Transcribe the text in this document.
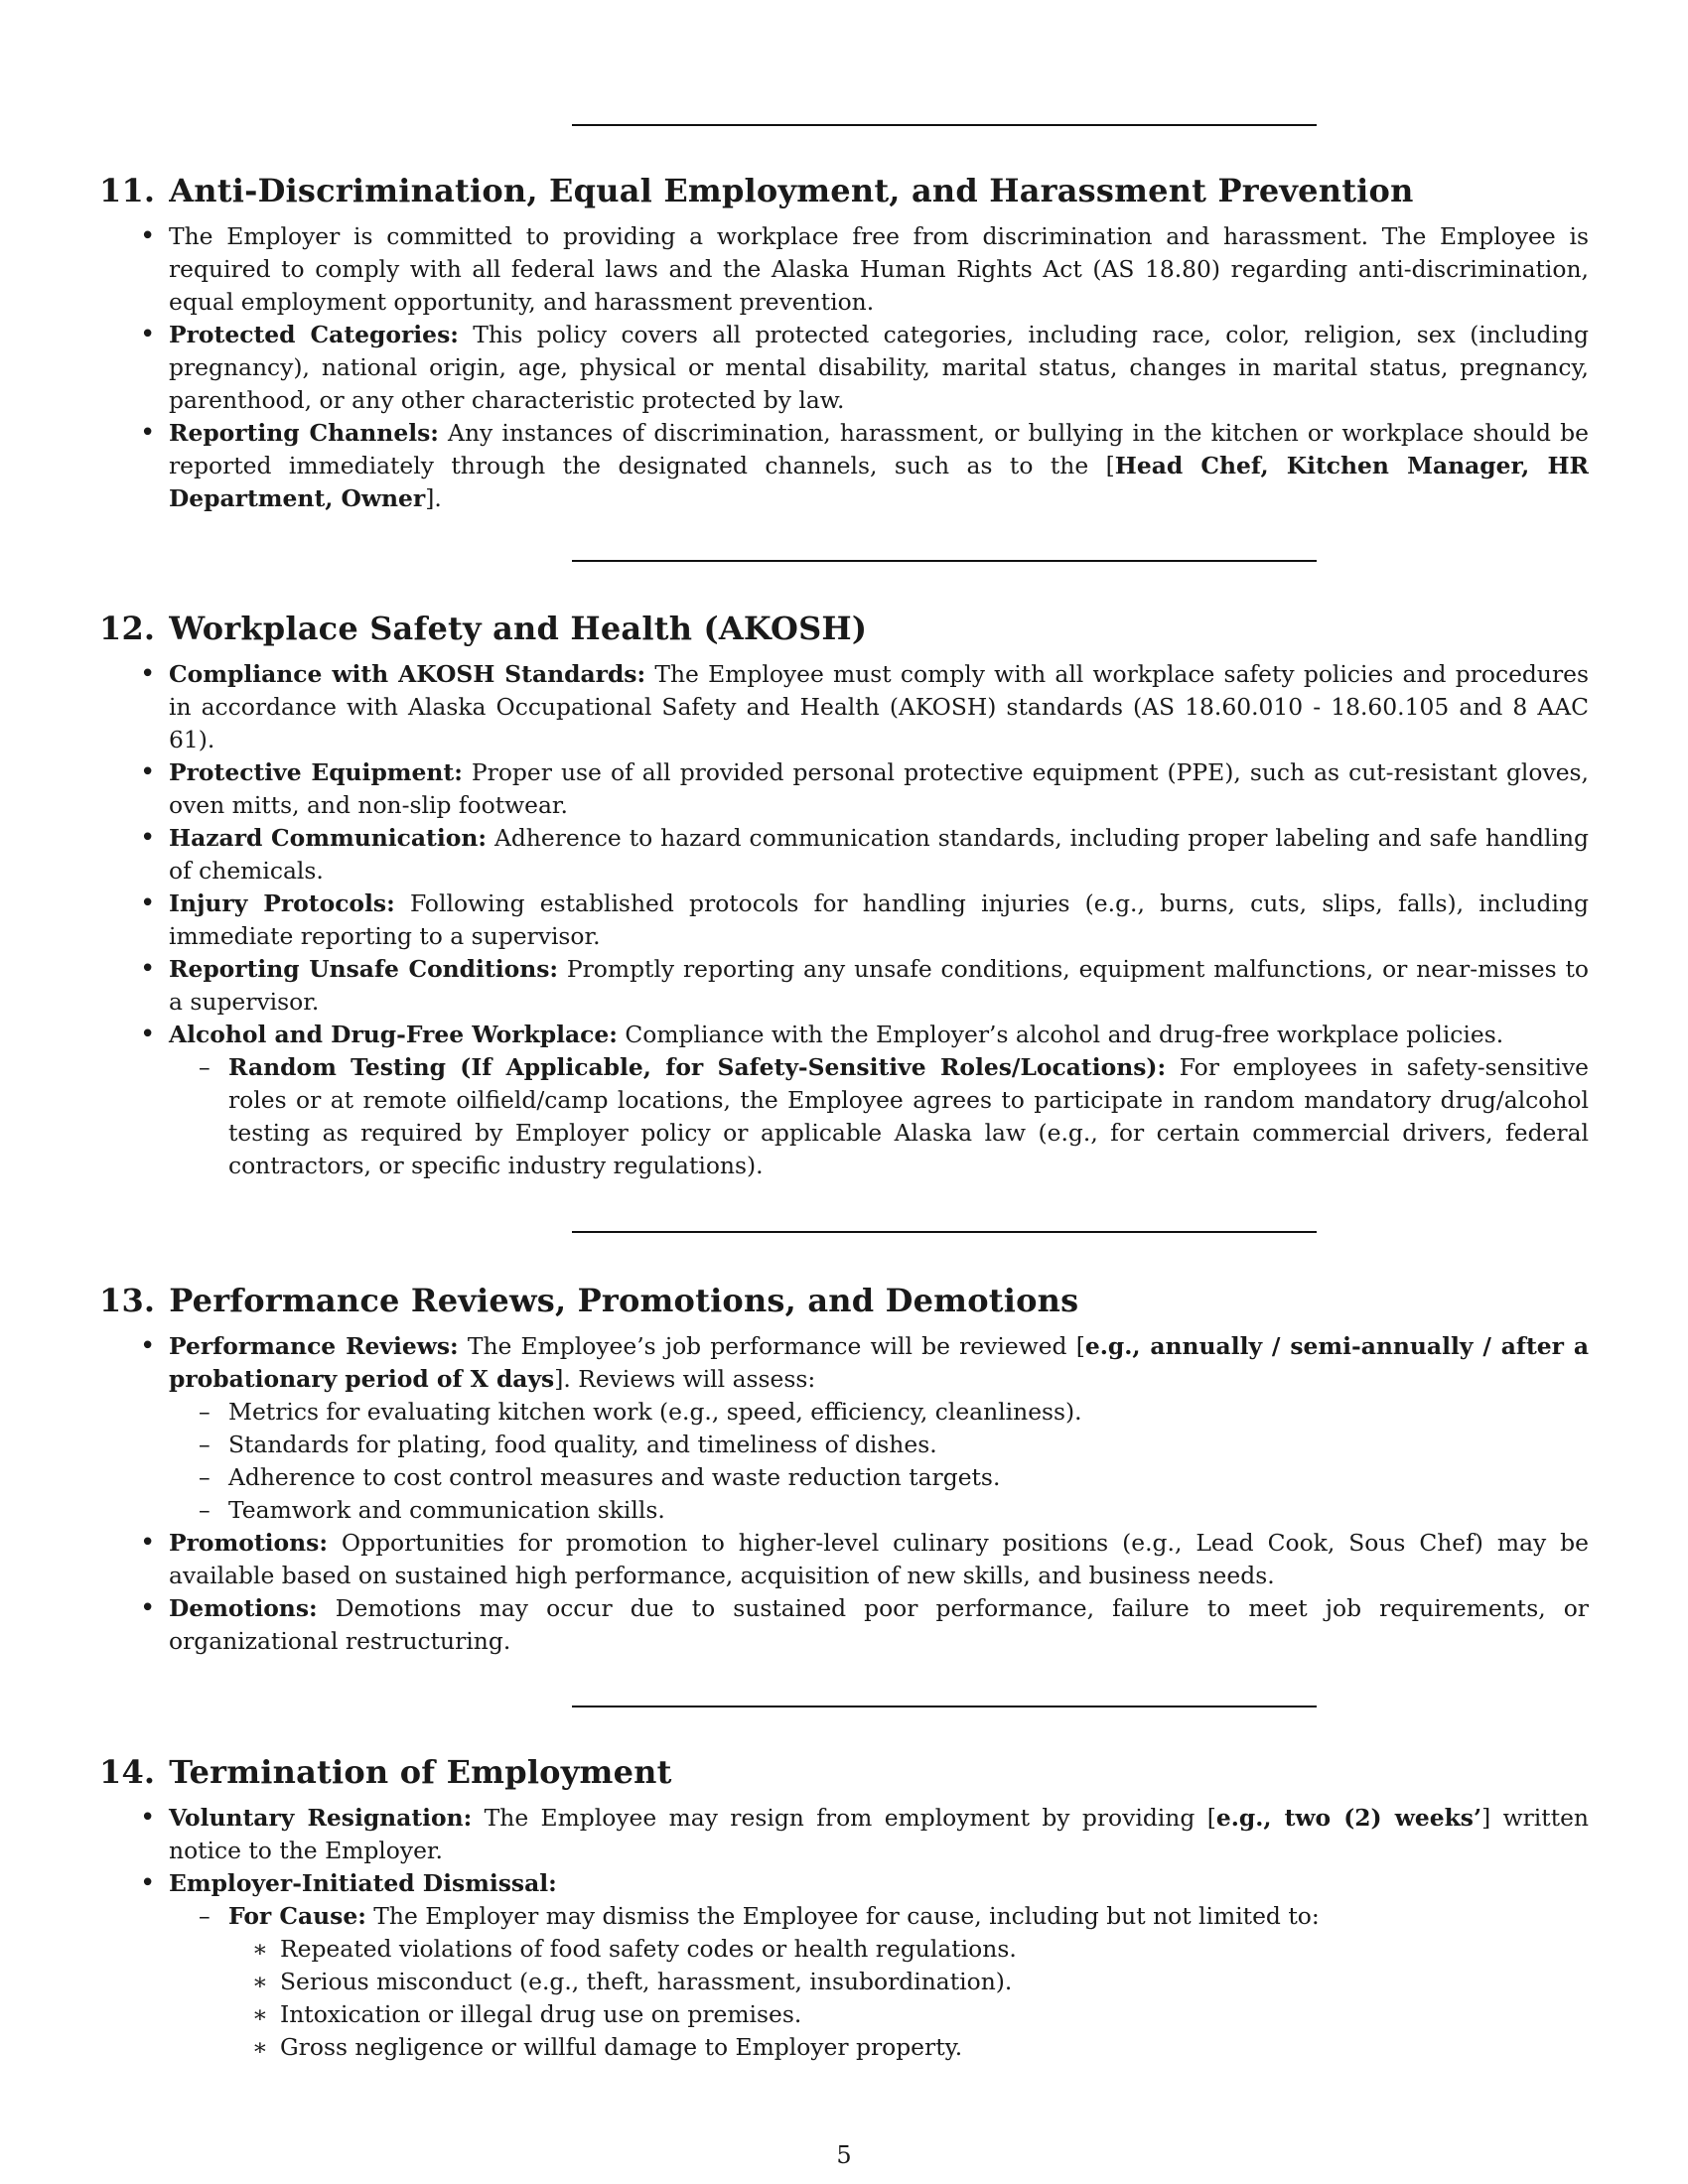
11. Anti-Discrimination, Equal Employment, and Harassment Prevention
• The Employer is committed to providing a workplace free from discrimination and harassment. The Employee is required to comply with all federal laws and the Alaska Human Rights Act (AS 18.80) regarding anti-discrimination, equal employment opportunity, and harassment prevention.
• Protected Categories: This policy covers all protected categories, including race, color, religion, sex (including pregnancy), national origin, age, physical or mental disability, marital status, changes in marital status, pregnancy, parenthood, or any other characteristic protected by law.
• Reporting Channels: Any instances of discrimination, harassment, or bullying in the kitchen or workplace should be reported immediately through the designated channels, such as to the [Head Chef, Kitchen Manager, HR Department, Owner].
12. Workplace Safety and Health (AKOSH)
• Compliance with AKOSH Standards: The Employee must comply with all workplace safety policies and procedures in accordance with Alaska Occupational Safety and Health (AKOSH) standards (AS 18.60.010 - 18.60.105 and 8 AAC 61).
• Protective Equipment: Proper use of all provided personal protective equipment (PPE), such as cut-resistant gloves, oven mitts, and non-slip footwear.
• Hazard Communication: Adherence to hazard communication standards, including proper labeling and safe handling of chemicals.
• Injury Protocols: Following established protocols for handling injuries (e.g., burns, cuts, slips, falls), including immediate reporting to a supervisor.
• Reporting Unsafe Conditions: Promptly reporting any unsafe conditions, equipment malfunctions, or near-misses to a supervisor.
• Alcohol and Drug-Free Workplace: Compliance with the Employer’s alcohol and drug-free workplace policies.
– Random Testing (If Applicable, for Safety-Sensitive Roles/Locations): For employees in safety-sensitive roles or at remote oilfield/camp locations, the Employee agrees to participate in random mandatory drug/alcohol testing as required by Employer policy or applicable Alaska law (e.g., for certain commercial drivers, federal contractors, or specific industry regulations).
13. Performance Reviews, Promotions, and Demotions
• Performance Reviews: The Employee’s job performance will be reviewed [e.g., annually / semi-annually / after a probationary period of X days]. Reviews will assess:
– Metrics for evaluating kitchen work (e.g., speed, efficiency, cleanliness).
– Standards for plating, food quality, and timeliness of dishes.
– Adherence to cost control measures and waste reduction targets.
– Teamwork and communication skills.
• Promotions: Opportunities for promotion to higher-level culinary positions (e.g., Lead Cook, Sous Chef) may be available based on sustained high performance, acquisition of new skills, and business needs.
• Demotions: Demotions may occur due to sustained poor performance, failure to meet job requirements, or organizational restructuring.
14. Termination of Employment
• Voluntary Resignation: The Employee may resign from employment by providing [e.g., two (2) weeks’] written notice to the Employer.
• Employer-Initiated Dismissal:
– For Cause: The Employer may dismiss the Employee for cause, including but not limited to:
∗ Repeated violations of food safety codes or health regulations.
∗ Serious misconduct (e.g., theft, harassment, insubordination).
∗ Intoxication or illegal drug use on premises.
∗ Gross negligence or willful damage to Employer property.
5
